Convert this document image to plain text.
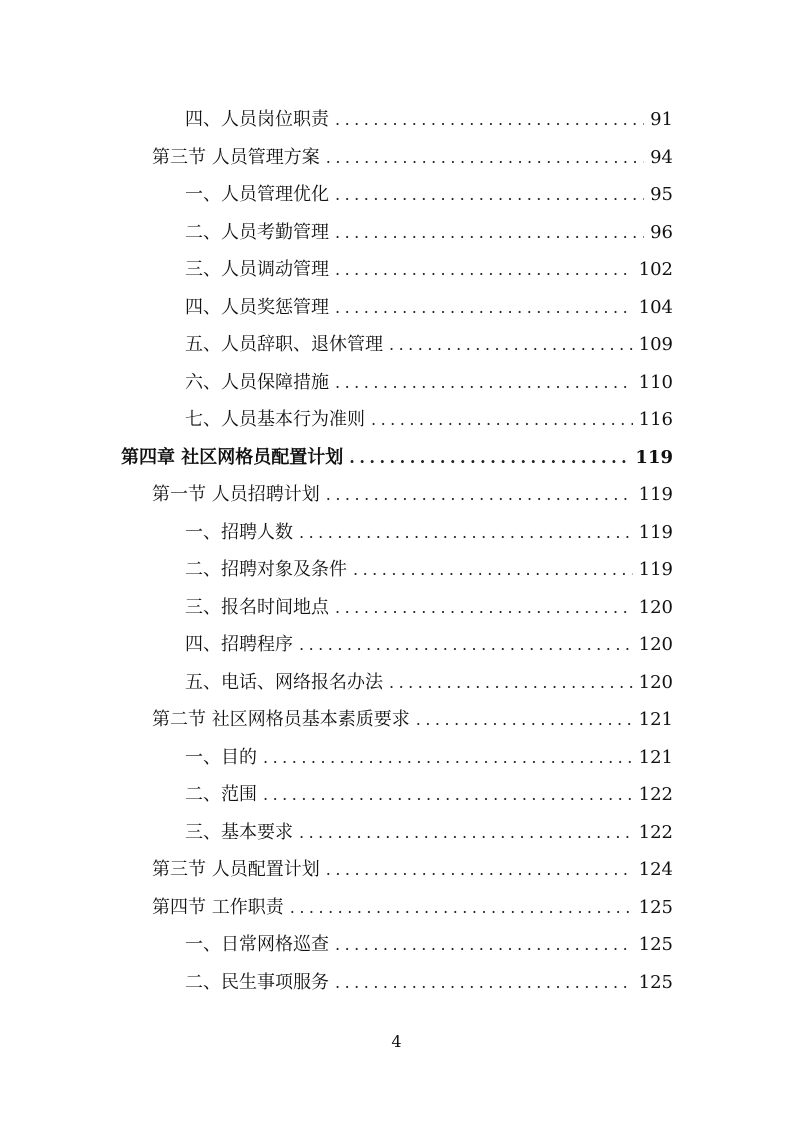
四、人员岗位职责 .....	91
第三节 人员管理方案 .....	94
一、人员管理优化 .....	95
二、人员考勤管理 .....	96
三、人员调动管理 .....	102
四、人员奖惩管理 .....	104
五、人员辞职、退休管理 .....	109
六、人员保障措施 .....	110
七、人员基本行为准则 .....	116
第四章 社区网格员配置计划 .....	119
第一节 人员招聘计划 .....	119
一、招聘人数 .....	119
二、招聘对象及条件 .....	119
三、报名时间地点 .....	120
四、招聘程序 .....	120
五、电话、网络报名办法 .....	120
第二节 社区网格员基本素质要求 .....	121
一、目的 .....	121
二、范围 .....	122
三、基本要求 .....	122
第三节 人员配置计划 .....	124
第四节 工作职责 .....	125
一、日常网格巡查 .....	125
二、民生事项服务 .....	125
4
